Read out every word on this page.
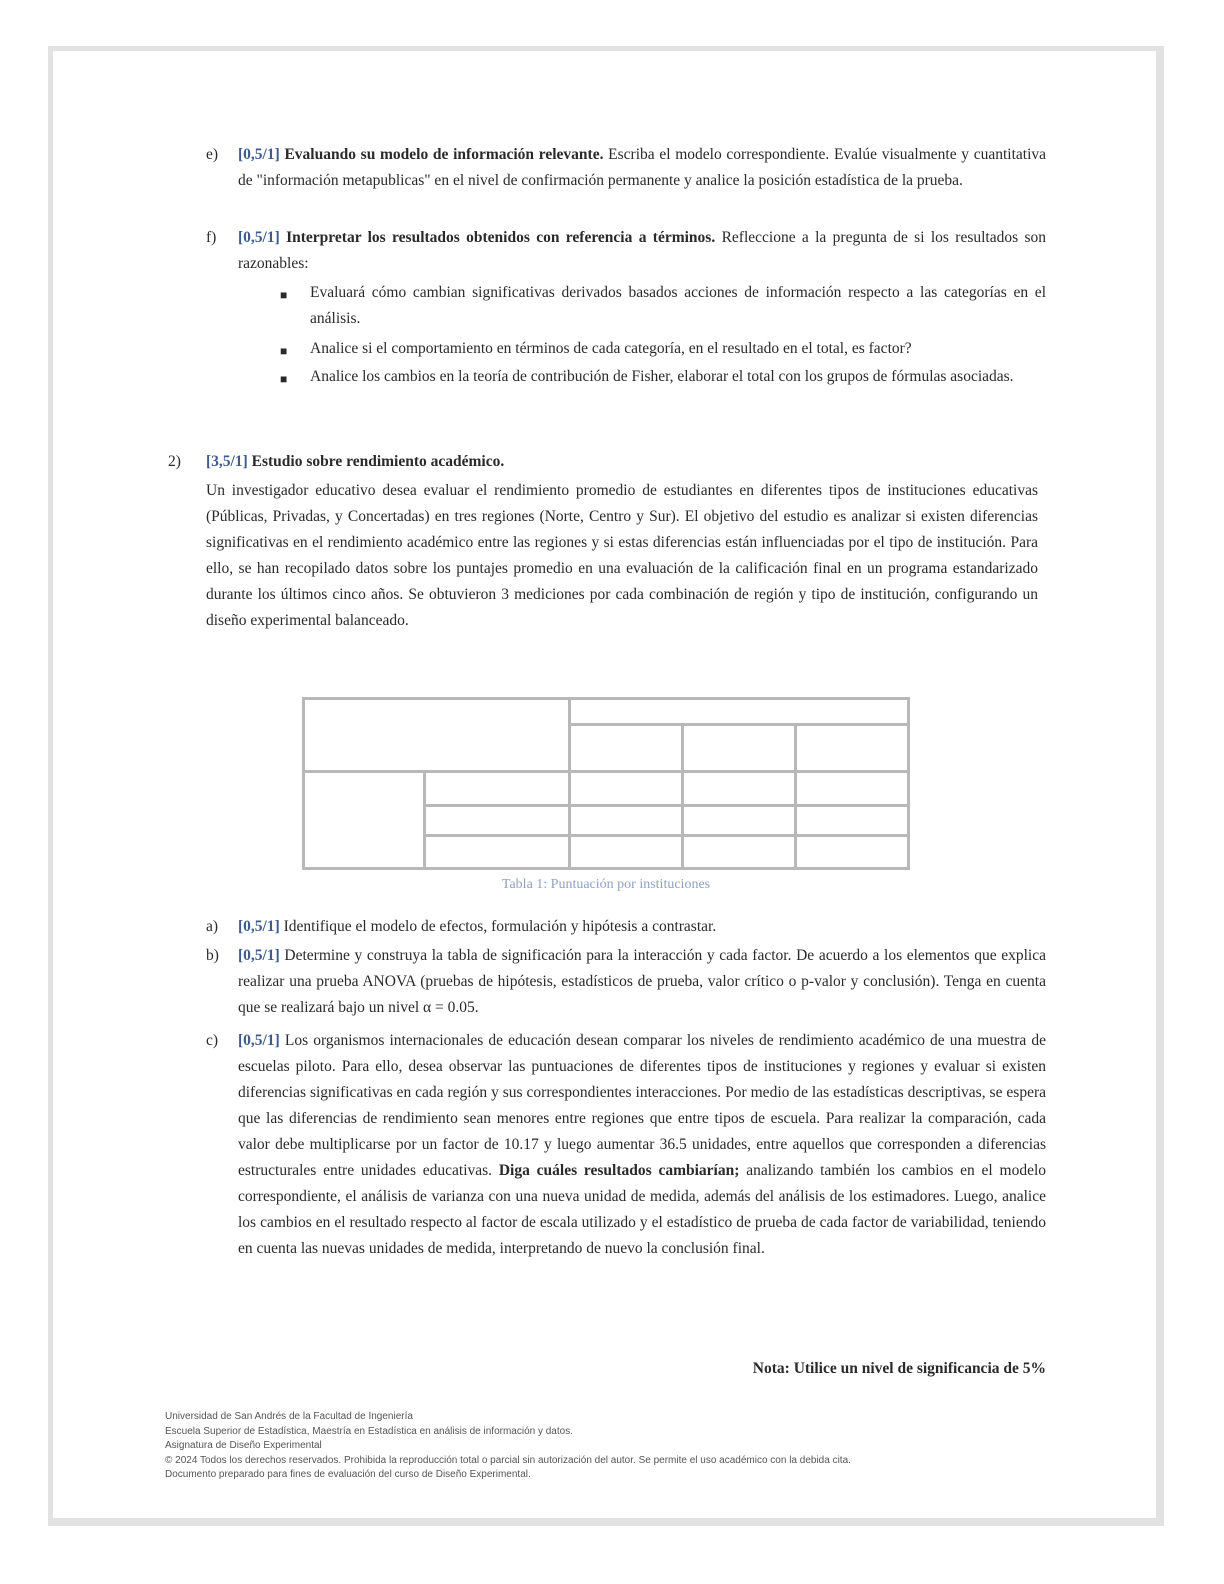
e) [0,5/1] Evaluando su modelo de información relevante. Escriba el modelo correspondiente. Evalúe visualmente y cuantitativa de "información metapublicas" en el nivel de confirmación permanente y analice la posición estadística de la prueba.
f) [0,5/1] Interpretar los resultados obtenidos con referencia a términos. Refleccione a la pregunta de si los resultados son razonables:
■ Evaluará cómo cambian significativas derivados basados acciones de información respecto a las categorías en el análisis.
■ Analice si el comportamiento en términos de cada categoría, en el resultado en el total, es factor?
■ Analice los cambios en la teoría de contribución de Fisher, elaborar el total con los grupos de fórmulas asociadas.
2) [3,5/1] Estudio sobre rendimiento académico.
Un investigador educativo desea evaluar el rendimiento promedio de estudiantes en diferentes tipos de instituciones educativas (Públicas, Privadas, y Concertadas) en tres regiones (Norte, Centro y Sur). El objetivo del estudio es analizar si existen diferencias significativas en el rendimiento académico entre las regiones y si estas diferencias están influenciadas por el tipo de institución. Para ello, se han recopilado datos sobre los puntajes promedio en una evaluación de la calificación final en un programa estandarizado durante los últimos cinco años. Se obtuvieron 3 mediciones por cada combinación de región y tipo de institución, configurando un diseño experimental balanceado.

Tabla 1: Puntuación por instituciones
a) [0,5/1] Identifique el modelo de efectos, formulación y hipótesis a contrastar.
b) [0,5/1] Determine y construya la tabla de significación para la interacción y cada factor. De acuerdo a los elementos que explica realizar una prueba ANOVA (pruebas de hipótesis, estadísticos de prueba, valor crítico o p-valor y conclusión). Tenga en cuenta que se realizará bajo un nivel α = 0.05.
c) [0,5/1] Los organismos internacionales de educación desean comparar los niveles de rendimiento académico de una muestra de escuelas piloto. Para ello, desea observar las puntuaciones de diferentes tipos de instituciones y regiones y evaluar si existen diferencias significativas en cada región y sus correspondientes interacciones. Por medio de las estadísticas descriptivas, se espera que las diferencias de rendimiento sean menores entre regiones que entre tipos de escuela. Para realizar la comparación, cada valor debe multiplicarse por un factor de 10.17 y luego aumentar 36.5 unidades, entre aquellos que corresponden a diferencias estructurales entre unidades educativas. Diga cuáles resultados cambiarían; analizando también los cambios en el modelo correspondiente, el análisis de varianza con una nueva unidad de medida, además del análisis de los estimadores. Luego, analice los cambios en el resultado respecto al factor de escala utilizado y el estadístico de prueba de cada factor de variabilidad, teniendo en cuenta las nuevas unidades de medida, interpretando de nuevo la conclusión final.
Nota: Utilice un nivel de significancia de 5%
Universidad de San Andrés de la Facultad de Ingeniería
Escuela Superior de Estadística, Maestría en Estadística en análisis de información y datos.
Asignatura de Diseño Experimental
© 2024 Todos los derechos reservados. Prohibida la reproducción total o parcial sin autorización del autor. Se permite el uso académico con la debida cita.
Documento preparado para fines de evaluación del curso de Diseño Experimental.
